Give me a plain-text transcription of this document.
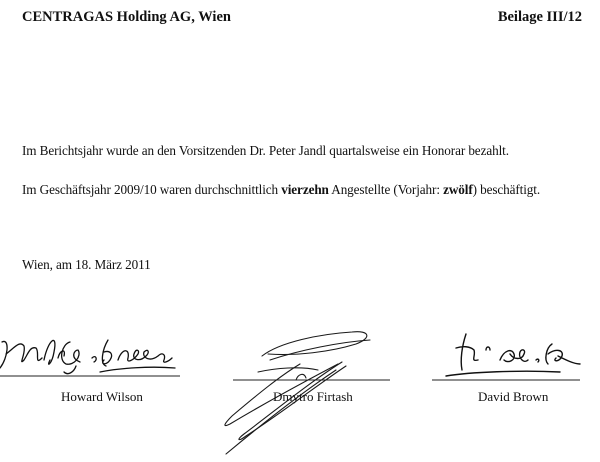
CENTRAGAS Holding AG, Wien	Beilage III/12
Im Berichtsjahr wurde an den Vorsitzenden Dr. Peter Jandl quartalsweise ein Honorar bezahlt.
Im Geschäftsjahr 2009/10 waren durchschnittlich vierzehn Angestellte (Vorjahr: zwölf) beschäftigt.
Wien, am 18. März 2011
Howard Wilson	Dmytro Firtash	David Brown
